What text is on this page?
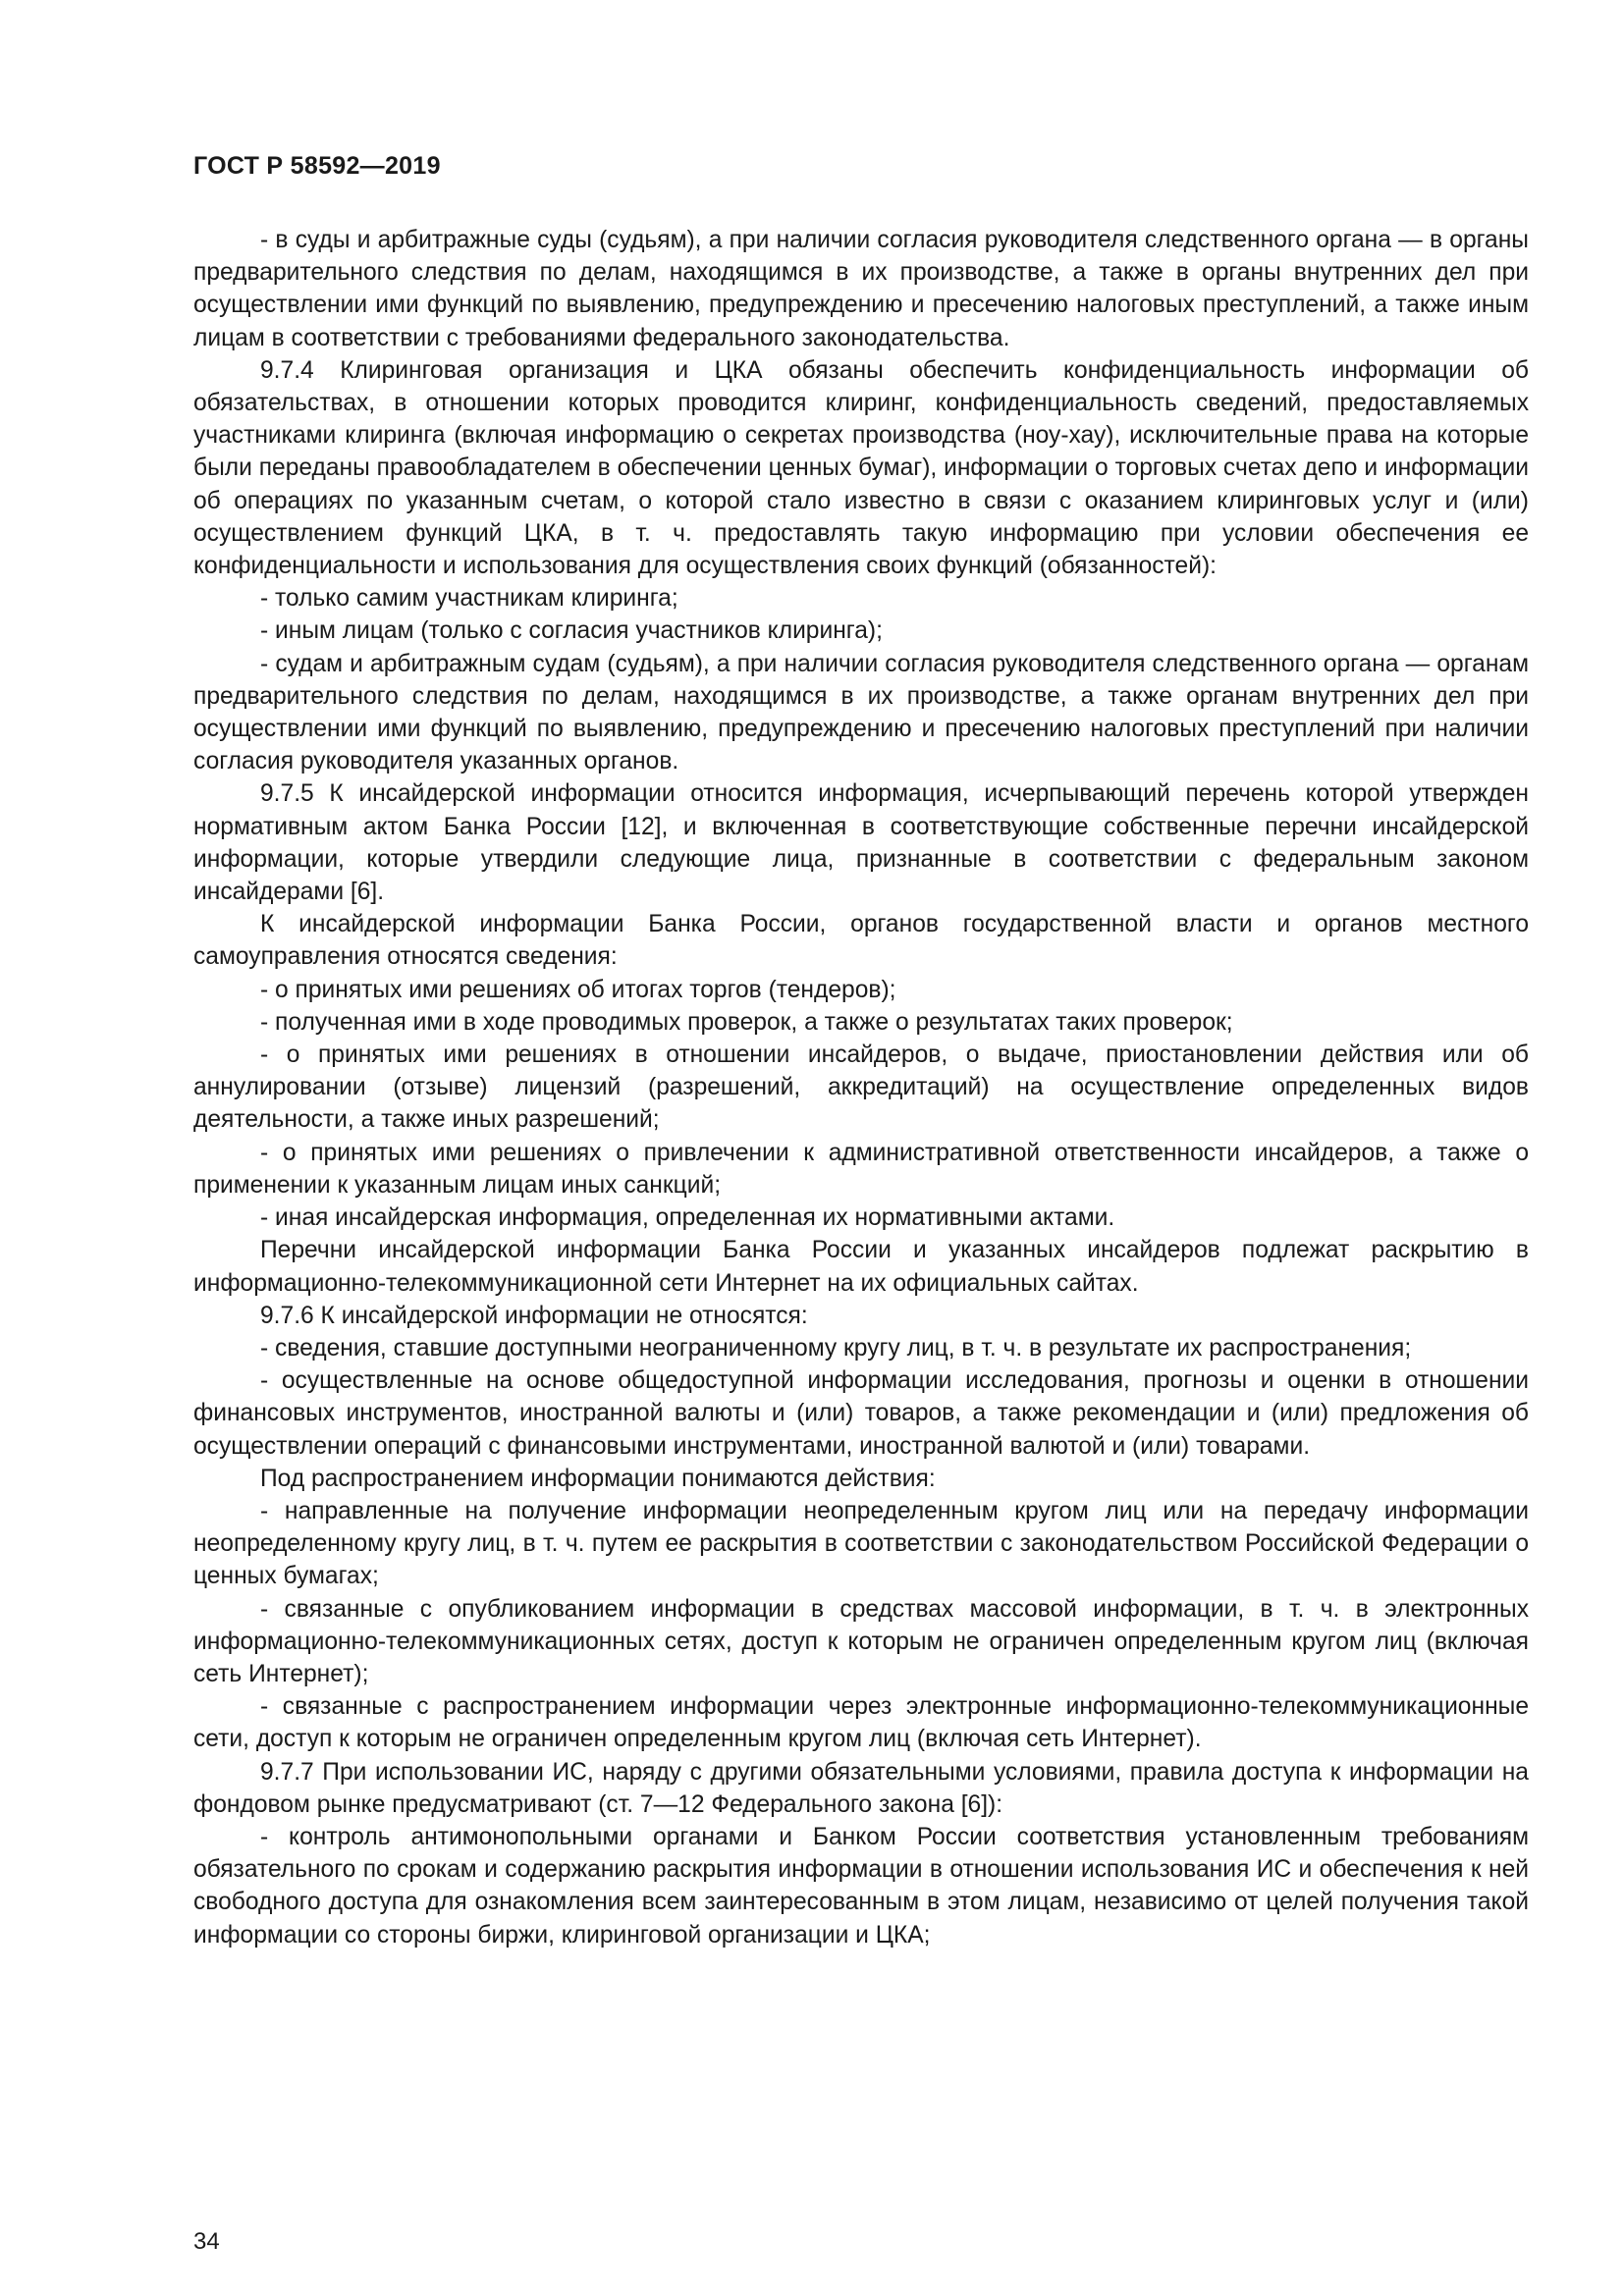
ГОСТ Р 58592—2019

- в суды и арбитражные суды (судьям), а при наличии согласия руководителя следственного органа — в органы предварительного следствия по делам, находящимся в их производстве, а также в органы внутренних дел при осуществлении ими функций по выявлению, предупреждению и пресечению налоговых преступлений, а также иным лицам в соответствии с требованиями федерального законодательства.

9.7.4 Клиринговая организация и ЦКА обязаны обеспечить конфиденциальность информации об обязательствах, в отношении которых проводится клиринг, конфиденциальность сведений, предоставляемых участниками клиринга (включая информацию о секретах производства (ноу-хау), исключительные права на которые были переданы правообладателем в обеспечении ценных бумаг), информации о торговых счетах депо и информации об операциях по указанным счетам, о которой стало известно в связи с оказанием клиринговых услуг и (или) осуществлением функций ЦКА, в т. ч. предоставлять такую информацию при условии обеспечения ее конфиденциальности и использования для осуществления своих функций (обязанностей):

- только самим участникам клиринга;

- иным лицам (только с согласия участников клиринга);

- судам и арбитражным судам (судьям), а при наличии согласия руководителя следственного органа — органам предварительного следствия по делам, находящимся в их производстве, а также органам внутренних дел при осуществлении ими функций по выявлению, предупреждению и пресечению налоговых преступлений при наличии согласия руководителя указанных органов.

9.7.5 К инсайдерской информации относится информация, исчерпывающий перечень которой утвержден нормативным актом Банка России [12], и включенная в соответствующие собственные перечни инсайдерской информации, которые утвердили следующие лица, признанные в соответствии с федеральным законом инсайдерами [6].

К инсайдерской информации Банка России, органов государственной власти и органов местного самоуправления относятся сведения:

- о принятых ими решениях об итогах торгов (тендеров);

- полученная ими в ходе проводимых проверок, а также о результатах таких проверок;

- о принятых ими решениях в отношении инсайдеров, о выдаче, приостановлении действия или об аннулировании (отзыве) лицензий (разрешений, аккредитаций) на осуществление определенных видов деятельности, а также иных разрешений;

- о принятых ими решениях о привлечении к административной ответственности инсайдеров, а также о применении к указанным лицам иных санкций;

- иная инсайдерская информация, определенная их нормативными актами.

Перечни инсайдерской информации Банка России и указанных инсайдеров подлежат раскрытию в информационно-телекоммуникационной сети Интернет на их официальных сайтах.

9.7.6 К инсайдерской информации не относятся:

- сведения, ставшие доступными неограниченному кругу лиц, в т. ч. в результате их распространения;

- осуществленные на основе общедоступной информации исследования, прогнозы и оценки в отношении финансовых инструментов, иностранной валюты и (или) товаров, а также рекомендации и (или) предложения об осуществлении операций с финансовыми инструментами, иностранной валютой и (или) товарами.

Под распространением информации понимаются действия:

- направленные на получение информации неопределенным кругом лиц или на передачу информации неопределенному кругу лиц, в т. ч. путем ее раскрытия в соответствии с законодательством Российской Федерации о ценных бумагах;

- связанные с опубликованием информации в средствах массовой информации, в т. ч. в электронных информационно-телекоммуникационных сетях, доступ к которым не ограничен определенным кругом лиц (включая сеть Интернет);

- связанные с распространением информации через электронные информационно-телекоммуникационные сети, доступ к которым не ограничен определенным кругом лиц (включая сеть Интернет).

9.7.7 При использовании ИС, наряду с другими обязательными условиями, правила доступа к информации на фондовом рынке предусматривают (ст. 7—12 Федерального закона [6]):

- контроль антимонопольными органами и Банком России соответствия установленным требованиям обязательного по срокам и содержанию раскрытия информации в отношении использования ИС и обеспечения к ней свободного доступа для ознакомления всем заинтересованным в этом лицам, независимо от целей получения такой информации со стороны биржи, клиринговой организации и ЦКА;

34
